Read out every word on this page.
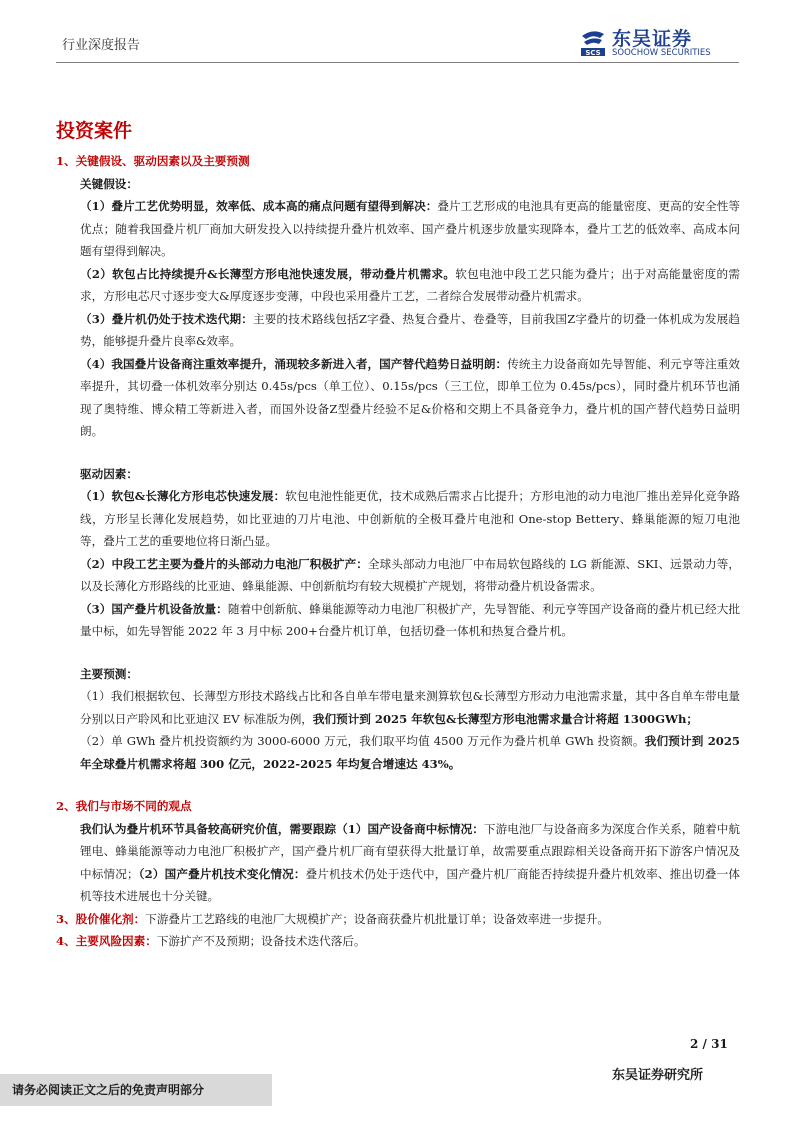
行业深度报告	SCS
东吴证券
SOOCHOW SECURITIES
投资案件
1、关键假设、驱动因素以及主要预测
关键假设：
（1）叠片工艺优势明显，效率低、成本高的痛点问题有望得到解决：叠片工艺形成的电池具有更高的能量密度、更高的安全性等优点；随着我国叠片机厂商加大研发投入以持续提升叠片机效率、国产叠片机逐步放量实现降本，叠片工艺的低效率、高成本问题有望得到解决。
（2）软包占比持续提升&长薄型方形电池快速发展，带动叠片机需求。软包电池中段工艺只能为叠片；出于对高能量密度的需求，方形电芯尺寸逐步变大&厚度逐步变薄，中段也采用叠片工艺，二者综合发展带动叠片机需求。
（3）叠片机仍处于技术迭代期：主要的技术路线包括Z字叠、热复合叠片、卷叠等，目前我国Z字叠片的切叠一体机成为发展趋势，能够提升叠片良率&效率。
（4）我国叠片设备商注重效率提升，涌现较多新进入者，国产替代趋势日益明朗：传统主力设备商如先导智能、利元亨等注重效率提升，其切叠一体机效率分别达 0.45s/pcs（单工位）、0.15s/pcs（三工位，即单工位为 0.45s/pcs），同时叠片机环节也涌现了奥特维、博众精工等新进入者，而国外设备Z型叠片经验不足&价格和交期上不具备竞争力，叠片机的国产替代趋势日益明朗。
驱动因素：
（1）软包&长薄化方形电芯快速发展：软包电池性能更优，技术成熟后需求占比提升；方形电池的动力电池厂推出差异化竞争路线，方形呈长薄化发展趋势，如比亚迪的刀片电池、中创新航的全极耳叠片电池和 One-stop Bettery、蜂巢能源的短刀电池等，叠片工艺的重要地位将日渐凸显。
（2）中段工艺主要为叠片的头部动力电池厂积极扩产：全球头部动力电池厂中布局软包路线的 LG 新能源、SKI、远景动力等，以及长薄化方形路线的比亚迪、蜂巢能源、中创新航均有较大规模扩产规划，将带动叠片机设备需求。
（3）国产叠片机设备放量：随着中创新航、蜂巢能源等动力电池厂积极扩产，先导智能、利元亨等国产设备商的叠片机已经大批量中标，如先导智能 2022 年 3 月中标 200+台叠片机订单，包括切叠一体机和热复合叠片机。
主要预测：
（1）我们根据软包、长薄型方形技术路线占比和各自单车带电量来测算软包&长薄型方形动力电池需求量，其中各自单车带电量分别以日产聆风和比亚迪汉 EV 标准版为例，我们预计到 2025 年软包&长薄型方形电池需求量合计将超 1300GWh；
（2）单 GWh 叠片机投资额约为 3000-6000 万元，我们取平均值 4500 万元作为叠片机单 GWh 投资额。我们预计到 2025 年全球叠片机需求将超 300 亿元，2022-2025 年均复合增速达 43%。
2、我们与市场不同的观点
我们认为叠片机环节具备较高研究价值，需要跟踪（1）国产设备商中标情况：下游电池厂与设备商多为深度合作关系，随着中航锂电、蜂巢能源等动力电池厂积极扩产，国产叠片机厂商有望获得大批量订单，故需要重点跟踪相关设备商开拓下游客户情况及中标情况；（2）国产叠片机技术变化情况：叠片机技术仍处于迭代中，国产叠片机厂商能否持续提升叠片机效率、推出切叠一体机等技术进展也十分关键。
3、股价催化剂：下游叠片工艺路线的电池厂大规模扩产；设备商获叠片机批量订单；设备效率进一步提升。
4、主要风险因素：下游扩产不及预期；设备技术迭代落后。
2 / 31
请务必阅读正文之后的免责声明部分
东吴证券研究所
